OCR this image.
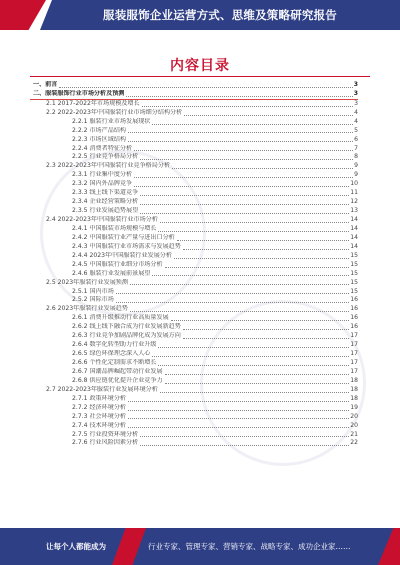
服装服饰企业运营方式、思维及策略研究报告
内容目录
一、前言	3
二、服装服饰行业市场分析及预测	3
2.1 2017-2022年市场规模及增长	3
2.2 2022-2023年中国服装行业市场细分结构分析	4
2.2.1 服装行业市场发展现状	4
2.2.2 市场产品结构	5
2.2.3 市场区域结构	6
2.2.4 消费者特征分析	7
2.2.5 行业竞争格局分析	8
2.3 2022-2023年中国服装行业竞争格局分析	9
2.3.1 行业集中度分析	9
2.3.2 国内外品牌竞争	10
2.3.3 线上线下渠道竞争	11
2.3.4 企业经营策略分析	12
2.3.5 行业发展趋势展望	13
2.4 2022-2023年中国服装行业市场分析	14
2.4.1 中国服装市场规模与增长	14
2.4.2 中国服装行业产量与进出口分析	14
2.4.3 中国服装行业市场需求与发展趋势	14
2.4.4 2023年中国服装行业发展分析	15
2.4.5 中国服装行业细分市场分析	15
2.4.6 服装行业发展前景展望	15
2.5 2023年服装行业发展预测	15
2.5.1 国内市场	15
2.5.2 国际市场	16
2.6 2023年服装行业发展趋势	16
2.6.1 消费升级推动行业高质量发展	16
2.6.2 线上线下融合成为行业发展新趋势	16
2.6.3 行业竞争加剧品牌化成为发展方向	17
2.6.4 数字化转型助力行业升级	17
2.6.5 绿色环保理念深入人心	17
2.6.6 个性化定制需求不断增长	17
2.6.7 国潮品牌崛起带动行业发展	17
2.6.8 供应链优化提升企业竞争力	18
2.7 2022-2023年服装行业发展环境分析	18
2.7.1 政策环境分析	18
2.7.2 经济环境分析	19
2.7.3 社会环境分析	20
2.7.4 技术环境分析	20
2.7.5 行业投资环境分析	21
2.7.6 行业风险因素分析	22
让每个人都能成为	行业专家、管理专家、营销专家、战略专家、成功企业家……
